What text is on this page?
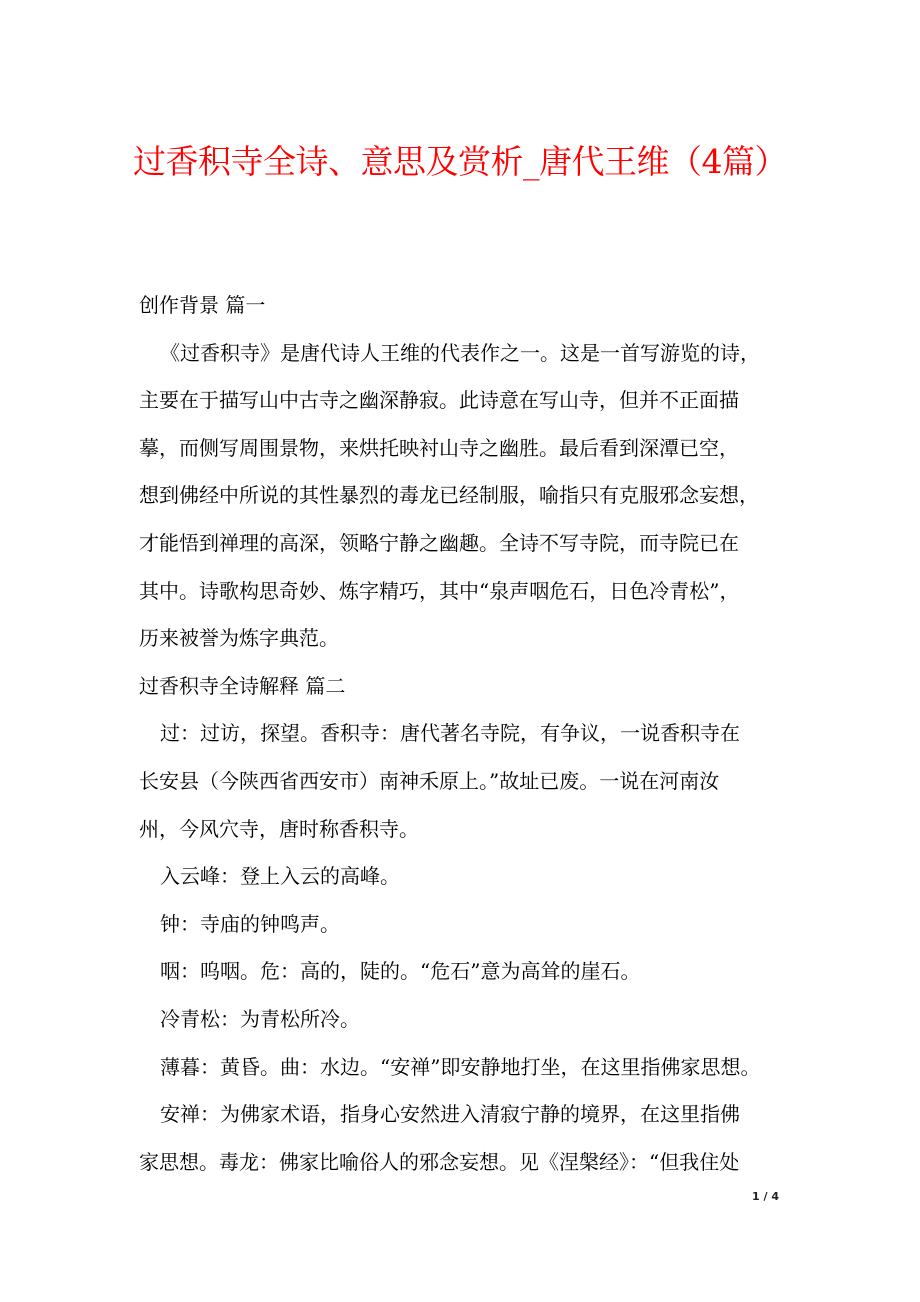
过香积寺全诗、意思及赏析_唐代王维（4篇）
创作背景 篇一
《过香积寺》是唐代诗人王维的代表作之一。这是一首写游览的诗，
主要在于描写山中古寺之幽深静寂。此诗意在写山寺，但并不正面描
摹，而侧写周围景物，来烘托映衬山寺之幽胜。最后看到深潭已空，
想到佛经中所说的其性暴烈的毒龙已经制服，喻指只有克服邪念妄想，
才能悟到禅理的高深，领略宁静之幽趣。全诗不写寺院，而寺院已在
其中。诗歌构思奇妙、炼字精巧，其中“泉声咽危石，日色冷青松”，
历来被誉为炼字典范。
过香积寺全诗解释 篇二
过：过访，探望。香积寺：唐代著名寺院，有争议，一说香积寺在
长安县（今陕西省西安市）南神禾原上。”故址已废。一说在河南汝
州，今风穴寺，唐时称香积寺。
入云峰：登上入云的高峰。
钟：寺庙的钟鸣声。
咽：呜咽。危：高的，陡的。“危石”意为高耸的崖石。
冷青松：为青松所冷。
薄暮：黄昏。曲：水边。“安禅”即安静地打坐，在这里指佛家思想。
安禅：为佛家术语，指身心安然进入清寂宁静的境界，在这里指佛
家思想。毒龙：佛家比喻俗人的邪念妄想。见《涅槃经》：“但我住处
1 / 4
